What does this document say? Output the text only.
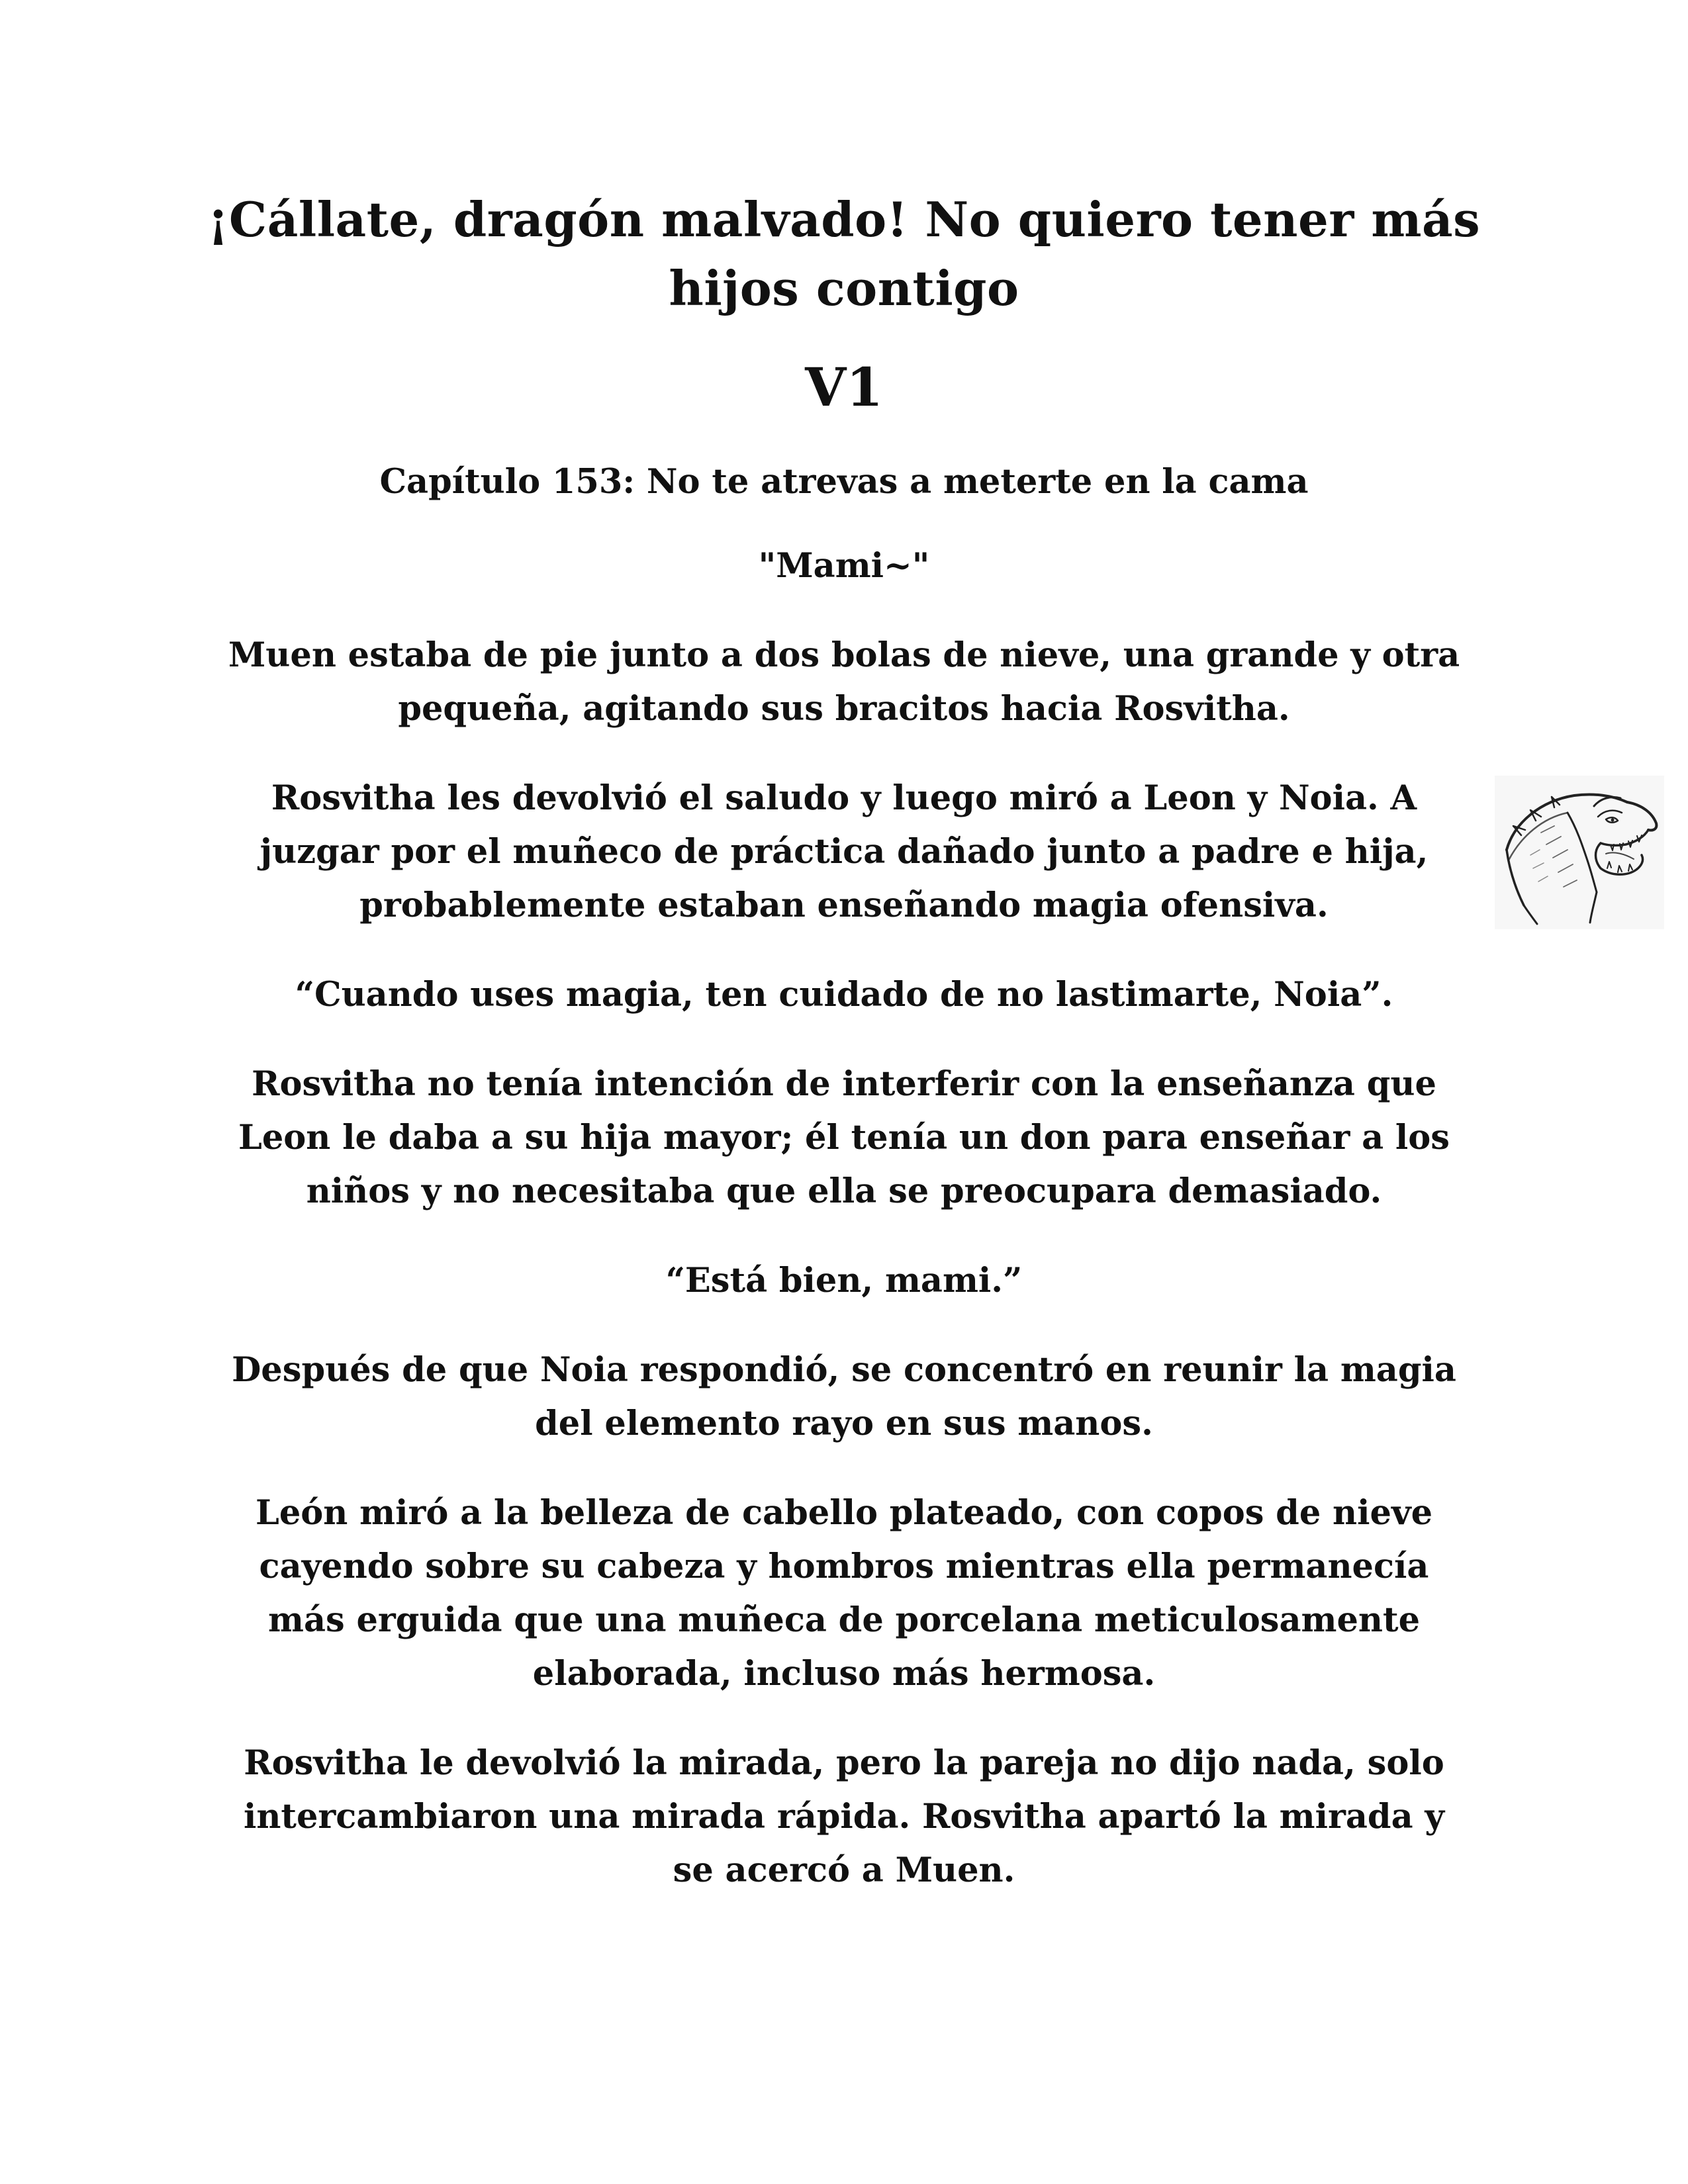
¡Cállate, dragón malvado! No quiero tener más hijos contigo
V1
Capítulo 153: No te atrevas a meterte en la cama

"Mami~"

Muen estaba de pie junto a dos bolas de nieve, una grande y otra pequeña, agitando sus bracitos hacia Rosvitha.

Rosvitha les devolvió el saludo y luego miró a Leon y Noia. A juzgar por el muñeco de práctica dañado junto a padre e hija, probablemente estaban enseñando magia ofensiva.

“Cuando uses magia, ten cuidado de no lastimarte, Noia”.

Rosvitha no tenía intención de interferir con la enseñanza que Leon le daba a su hija mayor; él tenía un don para enseñar a los niños y no necesitaba que ella se preocupara demasiado.

“Está bien, mami.”

Después de que Noia respondió, se concentró en reunir la magia del elemento rayo en sus manos.

León miró a la belleza de cabello plateado, con copos de nieve cayendo sobre su cabeza y hombros mientras ella permanecía más erguida que una muñeca de porcelana meticulosamente elaborada, incluso más hermosa.

Rosvitha le devolvió la mirada, pero la pareja no dijo nada, solo intercambiaron una mirada rápida. Rosvitha apartó la mirada y se acercó a Muen.
